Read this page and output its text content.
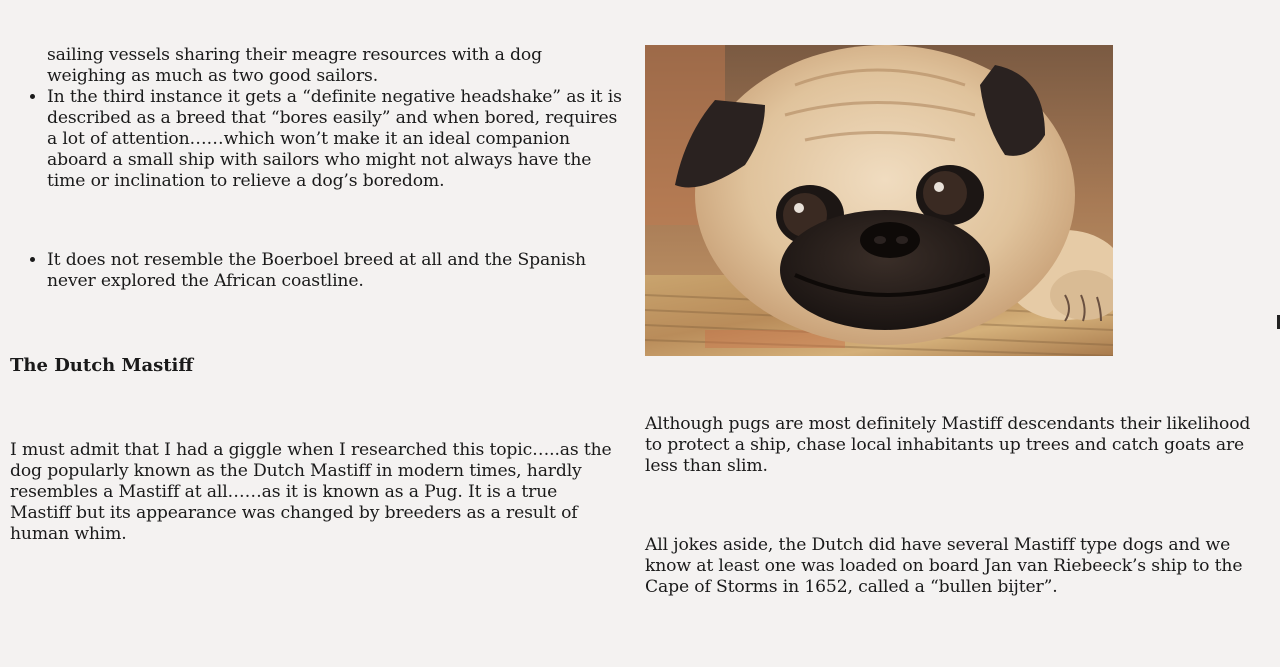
sailing vessels sharing their meagre resources with a dog weighing as much as two good sailors.

• In the third instance it gets a “definite negative headshake” as it is described as a breed that “bores easily” and when bored, requires a lot of attention……which won’t make it an ideal companion aboard a small ship with sailors who might not always have the time or inclination to relieve a dog’s boredom.
• It does not resemble the Boerboel breed at all and the Spanish never explored the African coastline.
The Dutch Mastiff

I must admit that I had a giggle when I researched this topic…..as the dog popularly known as the Dutch Mastiff in modern times, hardly resembles a Mastiff at all……as it is known as a Pug. It is a true Mastiff but its appearance was changed by breeders as a result of human whim.

Although pugs are most definitely Mastiff descendants their likelihood to protect a ship, chase local inhabitants up trees and catch goats are less than slim.

All jokes aside, the Dutch did have several Mastiff type dogs and we know at least one was loaded on board Jan van Riebeeck’s ship to the Cape of Storms in 1652, called a “bullen bijter”.
